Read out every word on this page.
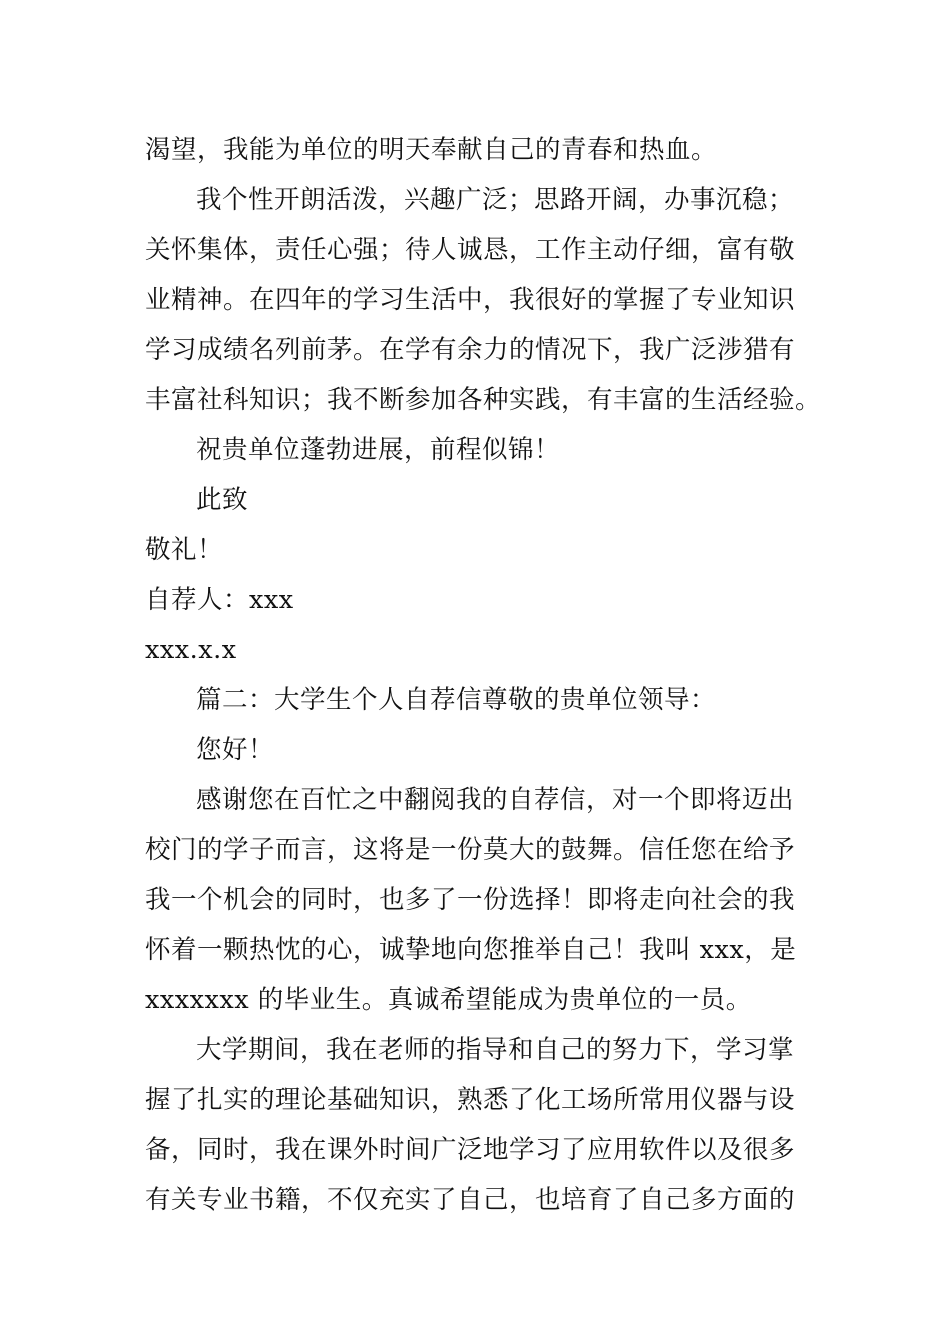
渴望，我能为单位的明天奉献自己的青春和热血。
我个性开朗活泼，兴趣广泛；思路开阔，办事沉稳；
关怀集体，责任心强；待人诚恳，工作主动仔细，富有敬
业精神。在四年的学习生活中，我很好的掌握了专业知识
学习成绩名列前茅。在学有余力的情况下，我广泛涉猎有
丰富社科知识；我不断参加各种实践，有丰富的生活经验。
祝贵单位蓬勃进展，前程似锦！
此致
敬礼！
自荐人：xxx
xxx.x.x
篇二：大学生个人自荐信尊敬的贵单位领导：
您好！
感谢您在百忙之中翻阅我的自荐信，对一个即将迈出
校门的学子而言，这将是一份莫大的鼓舞。信任您在给予
我一个机会的同时，也多了一份选择！即将走向社会的我
怀着一颗热忱的心，诚挚地向您推举自己！我叫 xxx，是
xxxxxxx 的毕业生。真诚希望能成为贵单位的一员。
大学期间，我在老师的指导和自己的努力下，学习掌
握了扎实的理论基础知识，熟悉了化工场所常用仪器与设
备，同时，我在课外时间广泛地学习了应用软件以及很多
有关专业书籍，不仅充实了自己，也培育了自己多方面的
